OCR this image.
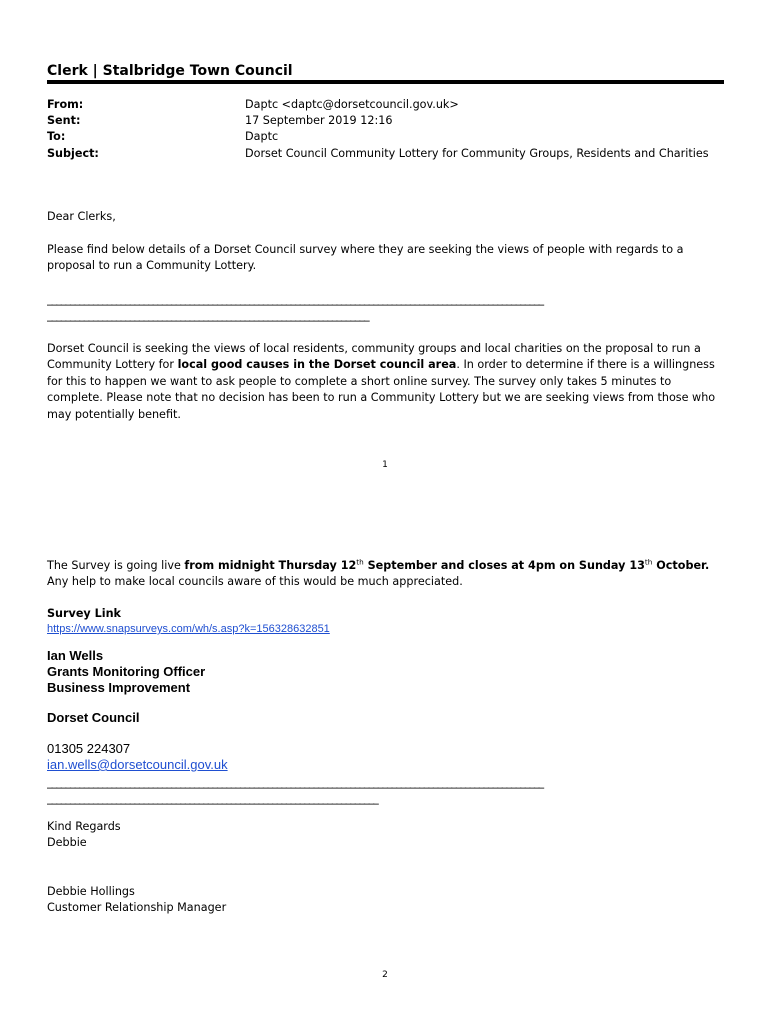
Clerk | Stalbridge Town Council
From:	Daptc <daptc@dorsetcouncil.gov.uk>
Sent:	17 September 2019 12:16
To:	Daptc
Subject:	Dorset Council Community Lottery for Community Groups, Residents and Charities
Dear Clerks,
Please find below details of a Dorset Council survey where they are seeking the views of people with regards to a proposal to run a Community Lottery.
____________________________________________________________________________________________________________
______________________________________________________________________
Dorset Council is seeking the views of local residents, community groups and local charities on the proposal to run a Community Lottery for local good causes in the Dorset council area. In order to determine if there is a willingness for this to happen we want to ask people to complete a short online survey. The survey only takes 5 minutes to complete. Please note that no decision has been to run a Community Lottery but we are seeking views from those who may potentially benefit.
1
The Survey is going live from midnight Thursday 12th September and closes at 4pm on Sunday 13th October. Any help to make local councils aware of this would be much appreciated.
Survey Link
https://www.snapsurveys.com/wh/s.asp?k=156328632851
Ian Wells
Grants Monitoring Officer
Business Improvement
Dorset Council
01305 224307
ian.wells@dorsetcouncil.gov.uk
____________________________________________________________________________________________________________
________________________________________________________________________
Kind Regards
Debbie
Debbie Hollings
Customer Relationship Manager
2
